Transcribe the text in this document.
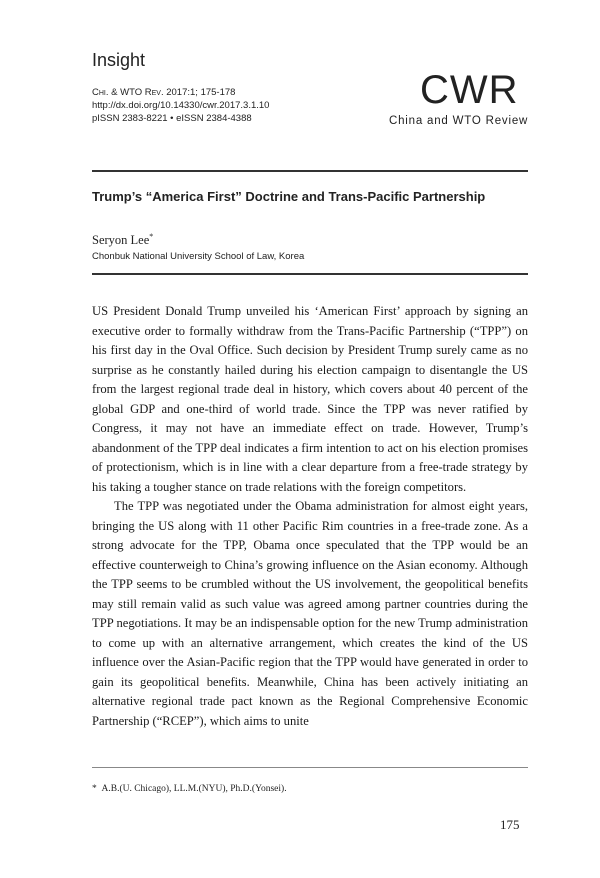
Insight
Chi. & WTO Rev. 2017:1; 175-178
http://dx.doi.org/10.14330/cwr.2017.3.1.10
pISSN 2383-8221 • eISSN 2384-4388
CWR
China and WTO Review
Trump’s “America First” Doctrine and Trans-Pacific Partnership
Seryon Lee*
Chonbuk National University School of Law, Korea

US President Donald Trump unveiled his ‘American First’ approach by signing an executive order to formally withdraw from the Trans-Pacific Partnership (“TPP”) on his first day in the Oval Office. Such decision by President Trump surely came as no surprise as he constantly hailed during his election campaign to disentangle the US from the largest regional trade deal in history, which covers about 40 percent of the global GDP and one-third of world trade. Since the TPP was never ratified by Congress, it may not have an immediate effect on trade. However, Trump’s abandonment of the TPP deal indicates a firm intention to act on his election promises of protectionism, which is in line with a clear departure from a free-trade strategy by his taking a tougher stance on trade relations with the foreign competitors.

The TPP was negotiated under the Obama administration for almost eight years, bringing the US along with 11 other Pacific Rim countries in a free-trade zone. As a strong advocate for the TPP, Obama once speculated that the TPP would be an effective counterweigh to China’s growing influence on the Asian economy. Although the TPP seems to be crumbled without the US involvement, the geopolitical benefits may still remain valid as such value was agreed among partner countries during the TPP negotiations. It may be an indispensable option for the new Trump administration to come up with an alternative arrangement, which creates the kind of the US influence over the Asian-Pacific region that the TPP would have generated in order to gain its geopolitical benefits. Meanwhile, China has been actively initiating an alternative regional trade pact known as the Regional Comprehensive Economic Partnership (“RCEP”), which aims to unite

* A.B.(U. Chicago), LL.M.(NYU), Ph.D.(Yonsei).
175
